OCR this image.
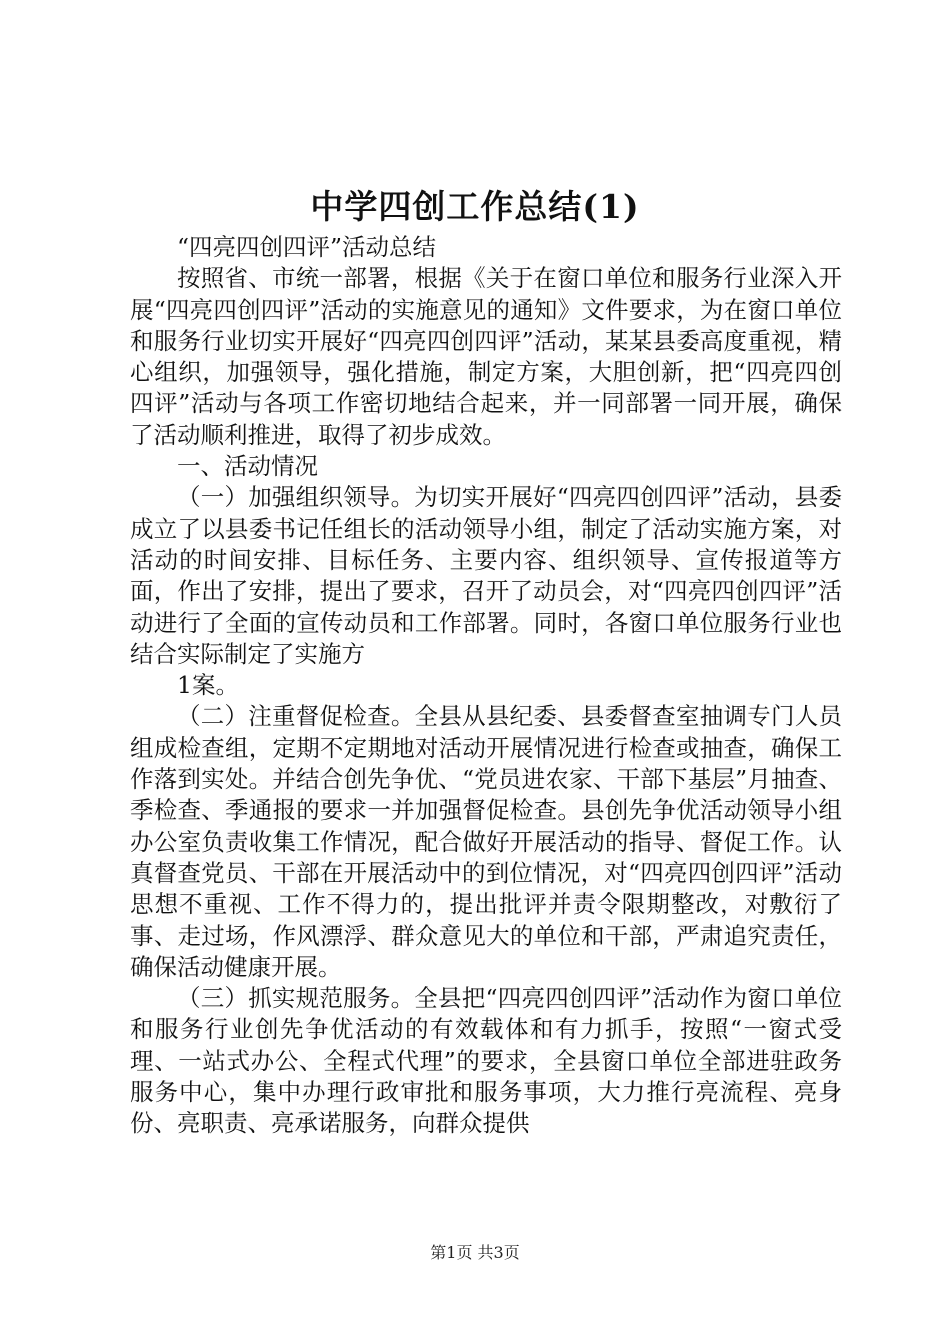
中学四创工作总结(1)

“四亮四创四评”活动总结

按照省、市统一部署，根据《关于在窗口单位和服务行业深入开展“四亮四创四评”活动的实施意见的通知》文件要求，为在窗口单位和服务行业切实开展好“四亮四创四评”活动，某某县委高度重视，精心组织，加强领导，强化措施，制定方案，大胆创新，把“四亮四创四评”活动与各项工作密切地结合起来，并一同部署一同开展，确保了活动顺利推进，取得了初步成效。

一、活动情况

（一）加强组织领导。为切实开展好“四亮四创四评”活动，县委成立了以县委书记任组长的活动领导小组，制定了活动实施方案，对活动的时间安排、目标任务、主要内容、组织领导、宣传报道等方面，作出了安排，提出了要求，召开了动员会，对“四亮四创四评”活动进行了全面的宣传动员和工作部署。同时，各窗口单位服务行业也结合实际制定了实施方

1案。

（二）注重督促检查。全县从县纪委、县委督查室抽调专门人员组成检查组，定期不定期地对活动开展情况进行检查或抽查，确保工作落到实处。并结合创先争优、“党员进农家、干部下基层”月抽查、季检查、季通报的要求一并加强督促检查。县创先争优活动领导小组办公室负责收集工作情况，配合做好开展活动的指导、督促工作。认真督查党员、干部在开展活动中的到位情况，对“四亮四创四评”活动思想不重视、工作不得力的，提出批评并责令限期整改，对敷衍了事、走过场，作风漂浮、群众意见大的单位和干部，严肃追究责任，确保活动健康开展。

（三）抓实规范服务。全县把“四亮四创四评”活动作为窗口单位和服务行业创先争优活动的有效载体和有力抓手，按照“一窗式受理、一站式办公、全程式代理”的要求，全县窗口单位全部进驻政务服务中心，集中办理行政审批和服务事项，大力推行亮流程、亮身份、亮职责、亮承诺服务，向群众提供

第1页 共3页
